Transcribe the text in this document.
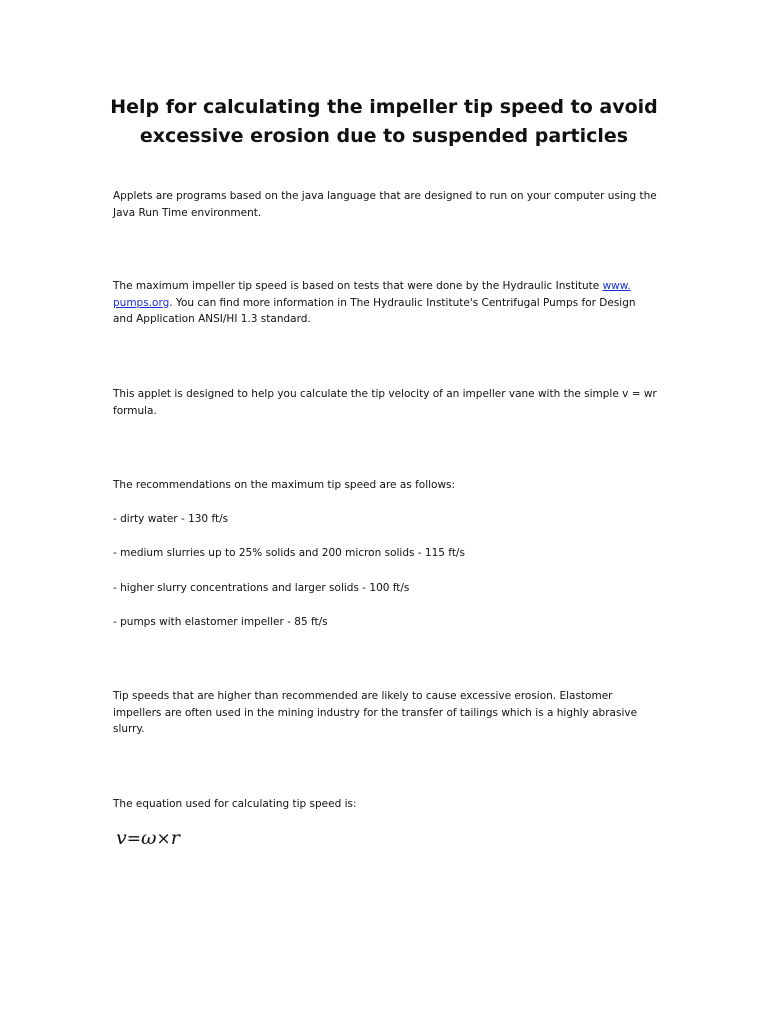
Help for calculating the impeller tip speed to avoid
excessive erosion due to suspended particles

Applets are programs based on the java language that are designed to run on your computer using the
Java Run Time environment.

The maximum impeller tip speed is based on tests that were done by the Hydraulic Institute www.
pumps.org. You can find more information in The Hydraulic Institute's Centrifugal Pumps for Design
and Application ANSI/HI 1.3 standard.

This applet is designed to help you calculate the tip velocity of an impeller vane with the simple v = wr
formula.

The recommendations on the maximum tip speed are as follows:

- dirty water - 130 ft/s

- medium slurries up to 25% solids and 200 micron solids - 115 ft/s

- higher slurry concentrations and larger solids - 100 ft/s

- pumps with elastomer impeller - 85 ft/s

Tip speeds that are higher than recommended are likely to cause excessive erosion. Elastomer
impellers are often used in the mining industry for the transfer of tailings which is a highly abrasive
slurry.

The equation used for calculating tip speed is:

v=ω×r
